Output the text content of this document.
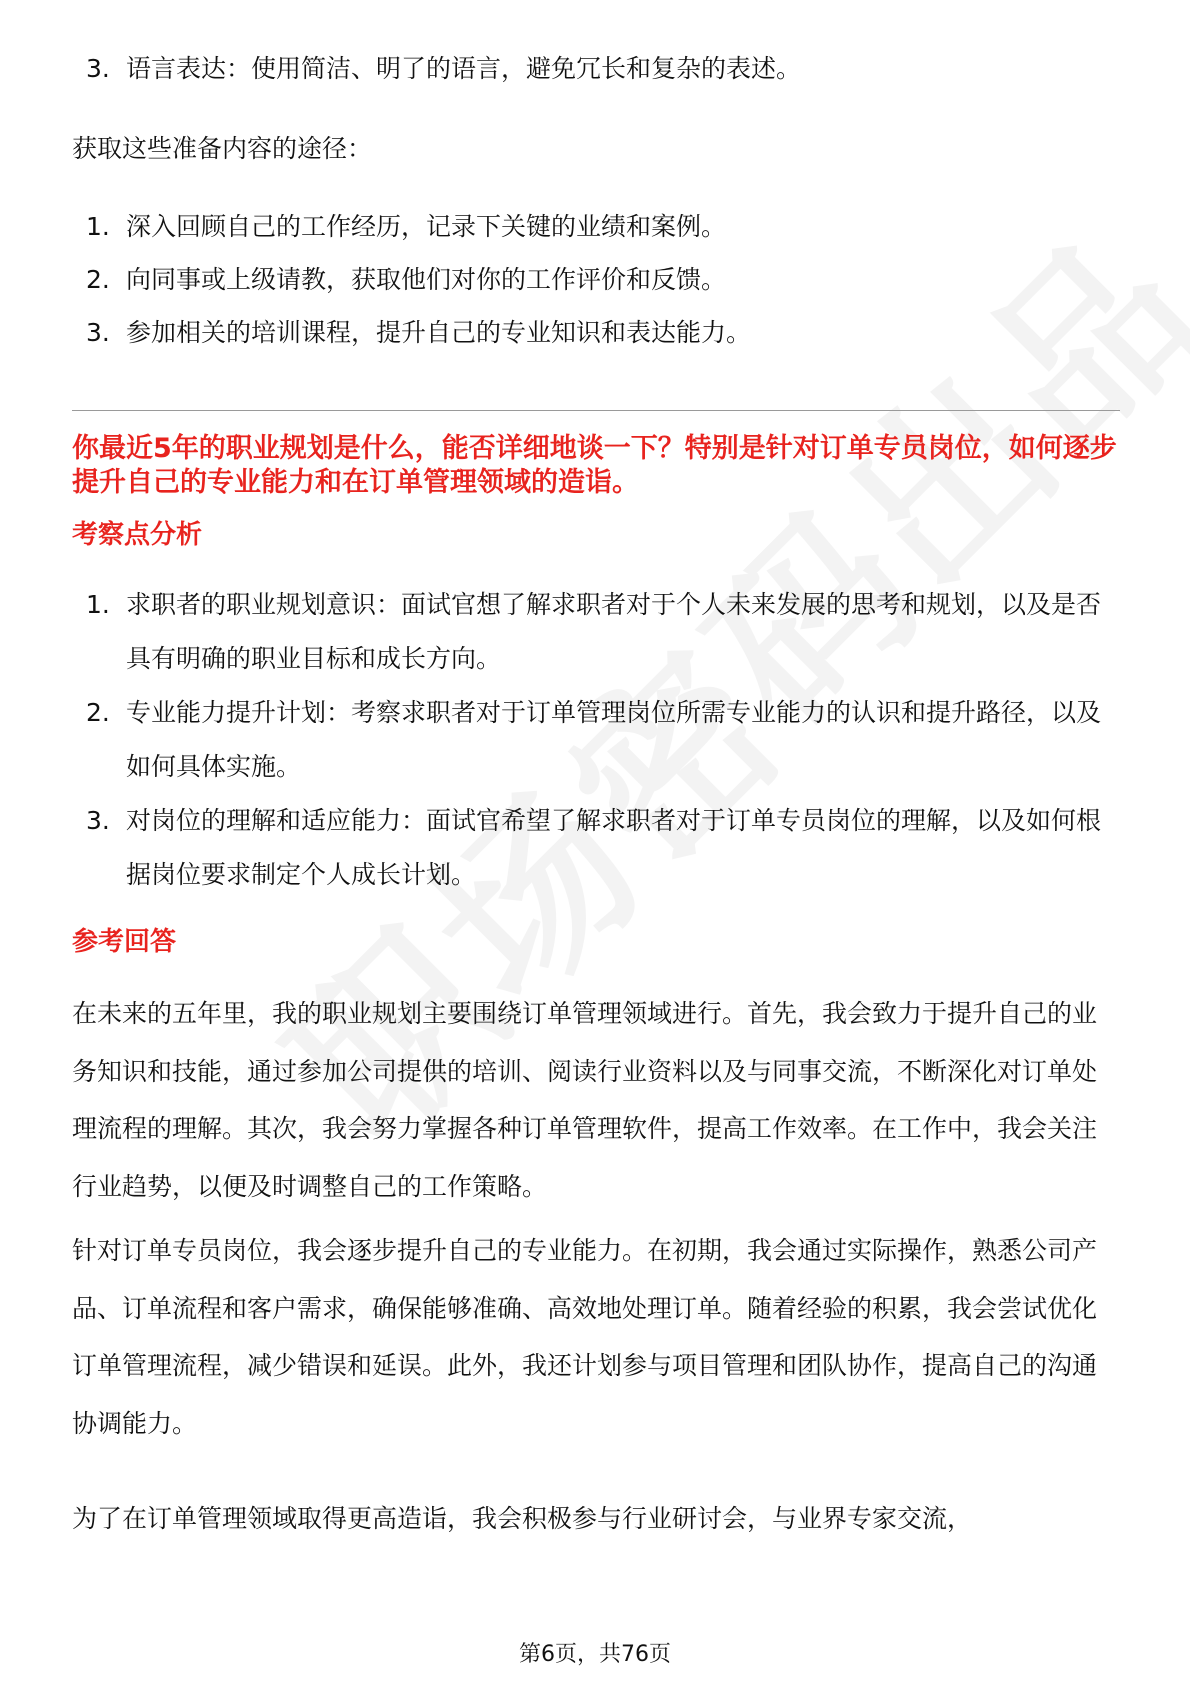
3. 语言表达：使用简洁、明了的语言，避免冗长和复杂的表述。
获取这些准备内容的途径：
1. 深入回顾自己的工作经历，记录下关键的业绩和案例。
2. 向同事或上级请教，获取他们对你的工作评价和反馈。
3. 参加相关的培训课程，提升自己的专业知识和表达能力。
你最近5年的职业规划是什么，能否详细地谈一下？特别是针对订单专员岗位，如何逐步提升自己的专业能力和在订单管理领域的造诣。
考察点分析
1. 求职者的职业规划意识：面试官想了解求职者对于个人未来发展的思考和规划，以及是否具有明确的职业目标和成长方向。
2. 专业能力提升计划：考察求职者对于订单管理岗位所需专业能力的认识和提升路径，以及如何具体实施。
3. 对岗位的理解和适应能力：面试官希望了解求职者对于订单专员岗位的理解，以及如何根据岗位要求制定个人成长计划。
参考回答
在未来的五年里，我的职业规划主要围绕订单管理领域进行。首先，我会致力于提升自己的业务知识和技能，通过参加公司提供的培训、阅读行业资料以及与同事交流，不断深化对订单处理流程的理解。其次，我会努力掌握各种订单管理软件，提高工作效率。在工作中，我会关注行业趋势，以便及时调整自己的工作策略。
针对订单专员岗位，我会逐步提升自己的专业能力。在初期，我会通过实际操作，熟悉公司产品、订单流程和客户需求，确保能够准确、高效地处理订单。随着经验的积累，我会尝试优化订单管理流程，减少错误和延误。此外，我还计划参与项目管理和团队协作，提高自己的沟通协调能力。
为了在订单管理领域取得更高造诣，我会积极参与行业研讨会，与业界专家交流，
第6页，共76页
